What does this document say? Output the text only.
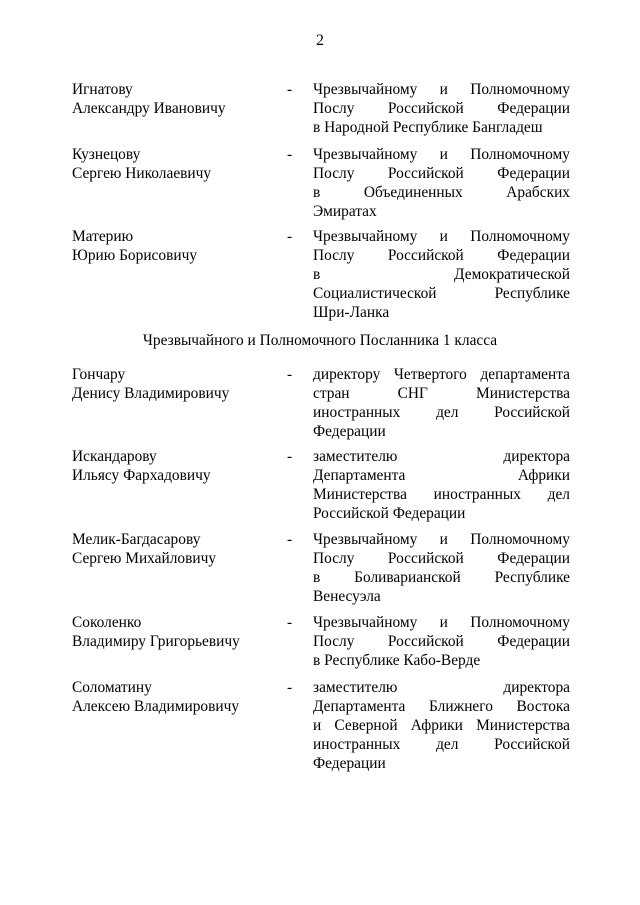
2
Игнатову
Александру Ивановичу
- Чрезвычайному и Полномочному
Послу Российской Федерации
в Народной Республике Бангладеш
Кузнецову
Сергею Николаевичу
- Чрезвычайному и Полномочному
Послу Российской Федерации
в Объединенных Арабских
Эмиратах
Материю
Юрию Борисовичу
- Чрезвычайному и Полномочному
Послу Российской Федерации
в Демократической
Социалистической Республике
Шри-Ланка
Чрезвычайного и Полномочного Посланника 1 класса
Гончару
Денису Владимировичу
- директору Четвертого департамента
стран СНГ Министерства
иностранных дел Российской
Федерации
Искандарову
Ильясу Фархадовичу
- заместителю директора
Департамента Африки
Министерства иностранных дел
Российской Федерации
Мелик-Багдасарову
Сергею Михайловичу
- Чрезвычайному и Полномочному
Послу Российской Федерации
в Боливарианской Республике
Венесуэла
Соколенко
Владимиру Григорьевичу
- Чрезвычайному и Полномочному
Послу Российской Федерации
в Республике Кабо-Верде
Соломатину
Алексею Владимировичу
- заместителю директора
Департамента Ближнего Востока
и Северной Африки Министерства
иностранных дел Российской
Федерации
